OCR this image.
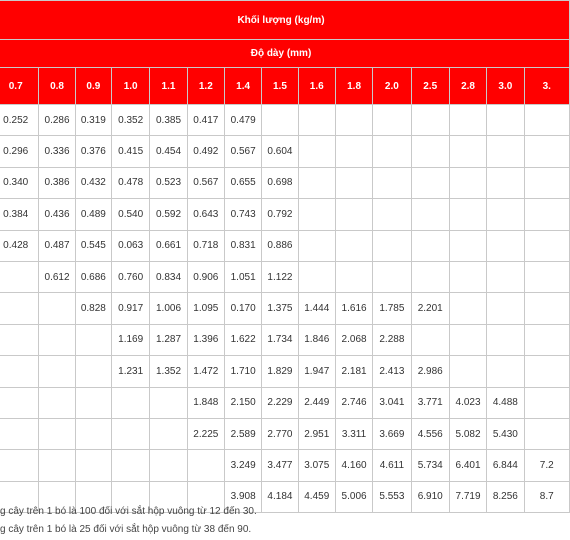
Khối lượng (kg/m)														
Độ dày (mm)														
0.7	0.8	0.9	1.0	1.1	1.2	1.4	1.5	1.6	1.8	2.0	2.5	2.8	3.0	3.
0.252	0.286	0.319	0.352	0.385	0.417	0.479								
0.296	0.336	0.376	0.415	0.454	0.492	0.567	0.604							
0.340	0.386	0.432	0.478	0.523	0.567	0.655	0.698							
0.384	0.436	0.489	0.540	0.592	0.643	0.743	0.792							
0.428	0.487	0.545	0.063	0.661	0.718	0.831	0.886							
	0.612	0.686	0.760	0.834	0.906	1.051	1.122							
		0.828	0.917	1.006	1.095	0.170	1.375	1.444	1.616	1.785	2.201			
			1.169	1.287	1.396	1.622	1.734	1.846	2.068	2.288				
			1.231	1.352	1.472	1.710	1.829	1.947	2.181	2.413	2.986			
					1.848	2.150	2.229	2.449	2.746	3.041	3.771	4.023	4.488	
					2.225	2.589	2.770	2.951	3.311	3.669	4.556	5.082	5.430	
						3.249	3.477	3.075	4.160	4.611	5.734	6.401	6.844	7.2
						3.908	4.184	4.459	5.006	5.553	6.910	7.719	8.256	8.7
g cây trên 1 bó là 100 đối với sắt hộp vuông từ 12 đến 30.
g cây trên 1 bó là 25 đối với sắt hộp vuông từ 38 đến 90.
